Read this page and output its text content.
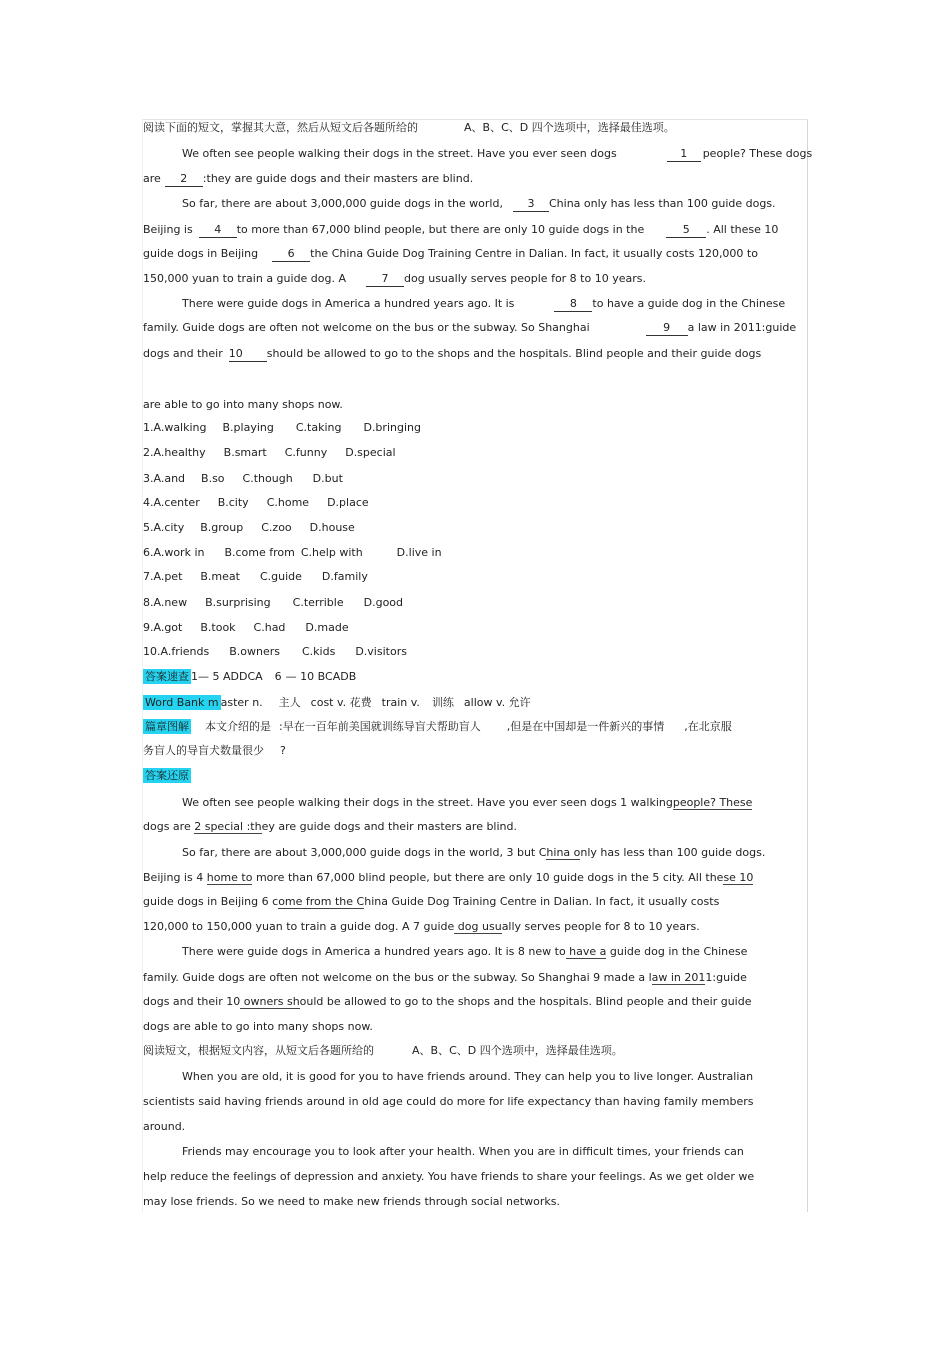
阅读下面的短文，掌握其大意，然后从短文后各题所给的	A、B、C、D 四个选项中，选择最佳选项。
We often see people walking their dogs in the street. Have you ever seen dogs	1 people? These dogs
are 2 :they are guide dogs and their masters are blind.
So far, there are about 3,000,000 guide dogs in the world, 3 China only has less than 100 guide dogs.
Beijing is 4 to more than 67,000 blind people, but there are only 10 guide dogs in the	5 . All these 10
guide dogs in Beijing	6 the China Guide Dog Training Centre in Dalian. In fact, it usually costs 120,000 to
150,000 yuan to train a guide dog. A	7 dog usually serves people for 8 to 10 years.
There were guide dogs in America a hundred years ago. It is	8 to have a guide dog in the Chinese
family. Guide dogs are often not welcome on the bus or the subway. So Shanghai	9 a law in 2011:guide
dogs and their 10 should be allowed to go to the shops and the hospitals. Blind people and their guide dogs
are able to go into many shops now.
1.A.walking B.playing C.taking D.bringing
2.A.healthy B.smart C.funny D.special
3.A.and B.so C.though D.but
4.A.center B.city C.home D.place
5.A.city B.group C.zoo D.house
6.A.work in B.come from C.help with	D.live in
7.A.pet B.meat C.guide D.family
8.A.new B.surprising C.terrible D.good
9.A.got B.took C.had D.made
10.A.friends B.owners C.kids D.visitors
答案速查 1— 5 ADDCA 6 — 10 BCADB
Word Bank m aster n. 主人 cost v. 花费 train v. 训练 allow v. 允许
篇章图解 本文介绍的是 :早在一百年前美国就训练导盲犬帮助盲人 ,但是在中国却是一件新兴的事情 ,在北京服
务盲人的导盲犬数量很少 ?
答案还原
We often see people walking their dogs in the street. Have you ever seen dogs 1 walkingpeople? These
dogs are 2 special :they are guide dogs and their masters are blind.
So far, there are about 3,000,000 guide dogs in the world, 3 but China only has less than 100 guide dogs.
Beijing is 4 home to more than 67,000 blind people, but there are only 10 guide dogs in the 5 city. All these 10
guide dogs in Beijing 6 come from the China Guide Dog Training Centre in Dalian. In fact, it usually costs
120,000 to 150,000 yuan to train a guide dog. A 7 guide dog usually serves people for 8 to 10 years.
There were guide dogs in America a hundred years ago. It is 8 new to have a guide dog in the Chinese
family. Guide dogs are often not welcome on the bus or the subway. So Shanghai 9 made a law in 2011:guide
dogs and their 10 owners should be allowed to go to the shops and the hospitals. Blind people and their guide
dogs are able to go into many shops now.
阅读短文，根据短文内容，从短文后各题所给的	A、B、C、D 四个选项中，选择最佳选项。
When you are old, it is good for you to have friends around. They can help you to live longer. Australian
scientists said having friends around in old age could do more for life expectancy than having family members
around.
Friends may encourage you to look after your health. When you are in difficult times, your friends can
help reduce the feelings of depression and anxiety. You have friends to share your feelings. As we get older we
may lose friends. So we need to make new friends through social networks.
